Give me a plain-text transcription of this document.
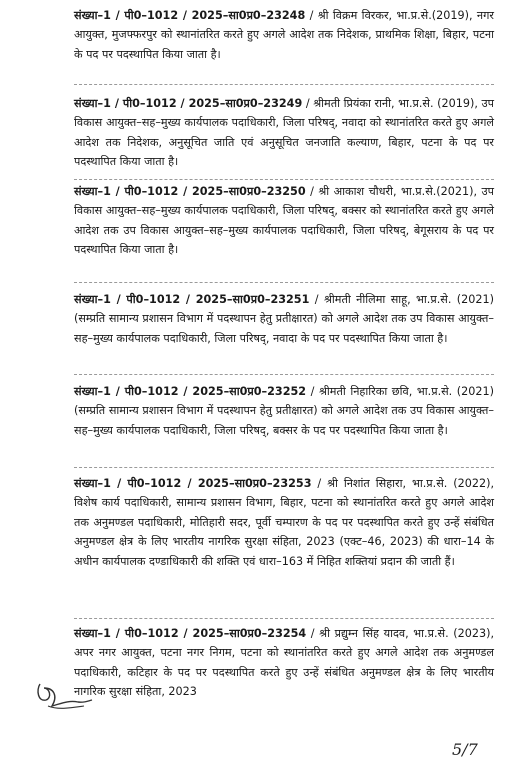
संख्या–1 / पी0–1012 / 2025–सा0प्र0–23248 / श्री विक्रम विरकर, भा.प्र.से.(2019), नगर आयुक्त, मुजफ्फरपुर को स्थानांतरित करते हुए अगले आदेश तक निदेशक, प्राथमिक शिक्षा, बिहार, पटना के पद पर पदस्थापित किया जाता है।

संख्या–1 / पी0–1012 / 2025–सा0प्र0–23249 / श्रीमती प्रियंका रानी, भा.प्र.से. (2019), उप विकास आयुक्त–सह–मुख्य कार्यपालक पदाधिकारी, जिला परिषद्, नवादा को स्थानांतरित करते हुए अगले आदेश तक निदेशक, अनुसूचित जाति एवं अनुसूचित जनजाति कल्याण, बिहार, पटना के पद पर पदस्थापित किया जाता है।

संख्या–1 / पी0–1012 / 2025–सा0प्र0–23250 / श्री आकाश चौधरी, भा.प्र.से.(2021), उप विकास आयुक्त–सह–मुख्य कार्यपालक पदाधिकारी, जिला परिषद्, बक्सर को स्थानांतरित करते हुए अगले आदेश तक उप विकास आयुक्त–सह–मुख्य कार्यपालक पदाधिकारी, जिला परिषद्, बेगूसराय के पद पर पदस्थापित किया जाता है।

संख्या–1 / पी0–1012 / 2025–सा0प्र0–23251 / श्रीमती नीलिमा साहू, भा.प्र.से. (2021) (सम्प्रति सामान्य प्रशासन विभाग में पदस्थापन हेतु प्रतीक्षारत) को अगले आदेश तक उप विकास आयुक्त–सह–मुख्य कार्यपालक पदाधिकारी, जिला परिषद्, नवादा के पद पर पदस्थापित किया जाता है।

संख्या–1 / पी0–1012 / 2025–सा0प्र0–23252 / श्रीमती निहारिका छवि, भा.प्र.से. (2021) (सम्प्रति सामान्य प्रशासन विभाग में पदस्थापन हेतु प्रतीक्षारत) को अगले आदेश तक उप विकास आयुक्त–सह–मुख्य कार्यपालक पदाधिकारी, जिला परिषद्, बक्सर के पद पर पदस्थापित किया जाता है।

संख्या–1 / पी0–1012 / 2025–सा0प्र0–23253 / श्री निशांत सिहारा, भा.प्र.से. (2022), विशेष कार्य पदाधिकारी, सामान्य प्रशासन विभाग, बिहार, पटना को स्थानांतरित करते हुए अगले आदेश तक अनुमण्डल पदाधिकारी, मोतिहारी सदर, पूर्वी चम्पारण के पद पर पदस्थापित करते हुए उन्हें संबंधित अनुमण्डल क्षेत्र के लिए भारतीय नागरिक सुरक्षा संहिता, 2023 (एक्ट–46, 2023) की धारा–14 के अधीन कार्यपालक दण्डाधिकारी की शक्ति एवं धारा–163 में निहित शक्तियां प्रदान की जाती हैं।

संख्या–1 / पी0–1012 / 2025–सा0प्र0–23254 / श्री प्रद्युम्न सिंह यादव, भा.प्र.से. (2023), अपर नगर आयुक्त, पटना नगर निगम, पटना को स्थानांतरित करते हुए अगले आदेश तक अनुमण्डल पदाधिकारी, कटिहार के पद पर पदस्थापित करते हुए उन्हें संबंधित अनुमण्डल क्षेत्र के लिए भारतीय नागरिक सुरक्षा संहिता, 2023

5/7
